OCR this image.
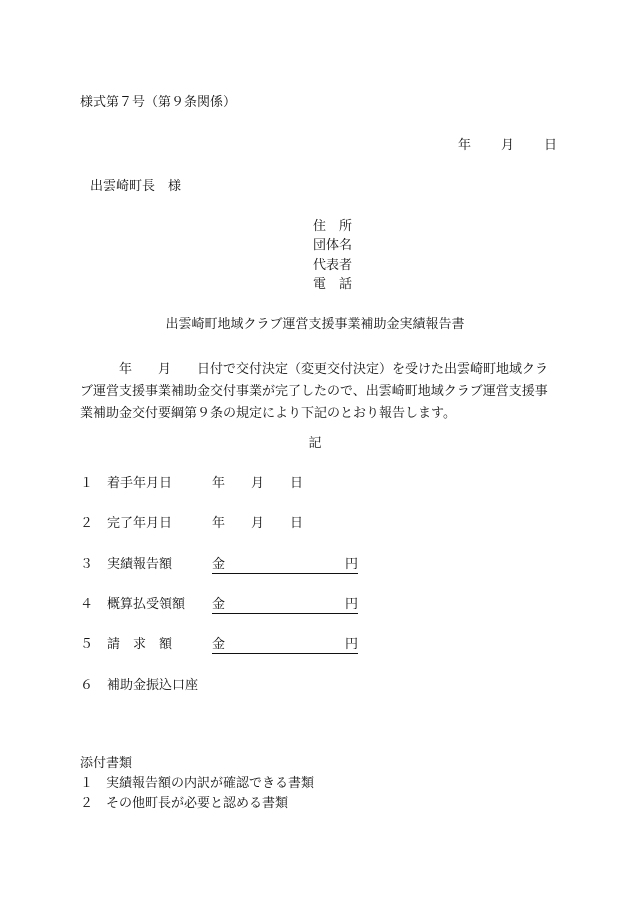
様式第７号（第９条関係）
年 月 日
出雲崎町長　様
住　所
団体名
代表者
電　話
出雲崎町地域クラブ運営支援事業補助金実績報告書
　　　年　　月　　日付で交付決定（変更交付決定）を受けた出雲崎町地域クラブ運営支援事業補助金交付事業が完了したので、出雲崎町地域クラブ運営支援事業補助金交付要綱第９条の規定により下記のとおり報告します。
記
１ 着手年月日	年　　月　　日
２ 完了年月日	年　　月　　日
３ 実績報告額	金	円
４ 概算払受領額 金	円
５ 請　求　額	金	円
６ 補助金振込口座
添付書類
１　実績報告額の内訳が確認できる書類
２　その他町長が必要と認める書類
